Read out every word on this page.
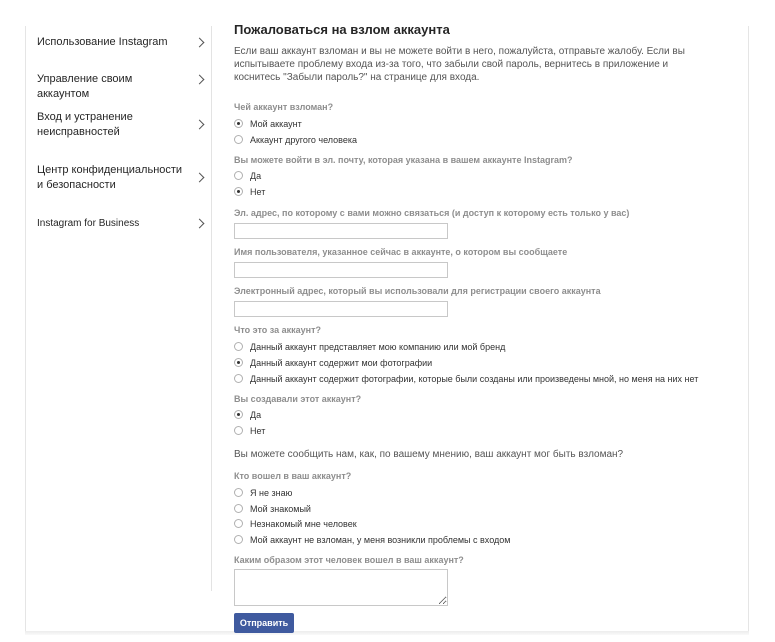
Использование Instagram
Управление своим аккаунтом
Вход и устранение неисправностей
Центр конфиденциальности и безопасности
Instagram for Business
Пожаловаться на взлом аккаунта

Если ваш аккаунт взломан и вы не можете войти в него, пожалуйста, отправьте жалобу. Если вы испытываете проблему входа из-за того, что забыли свой пароль, вернитесь в приложение и коснитесь "Забыли пароль?" на странице для входа.

Чей аккаунт взломан?
Мой аккаунт
Аккаунт другого человека
Вы можете войти в эл. почту, которая указана в вашем аккаунте Instagram?
Да
Нет
Эл. адрес, по которому с вами можно связаться (и доступ к которому есть только у вас)
Имя пользователя, указанное сейчас в аккаунте, о котором вы сообщаете
Электронный адрес, который вы использовали для регистрации своего аккаунта
Что это за аккаунт?
Данный аккаунт представляет мою компанию или мой бренд
Данный аккаунт содержит мои фотографии
Данный аккаунт содержит фотографии, которые были созданы или произведены мной, но меня на них нет
Вы создавали этот аккаунт?
Да
Нет
Вы можете сообщить нам, как, по вашему мнению, ваш аккаунт мог быть взломан?
Кто вошел в ваш аккаунт?
Я не знаю
Мой знакомый
Незнакомый мне человек
Мой аккаунт не взломан, у меня возникли проблемы с входом
Каким образом этот человек вошел в ваш аккаунт?
Отправить
